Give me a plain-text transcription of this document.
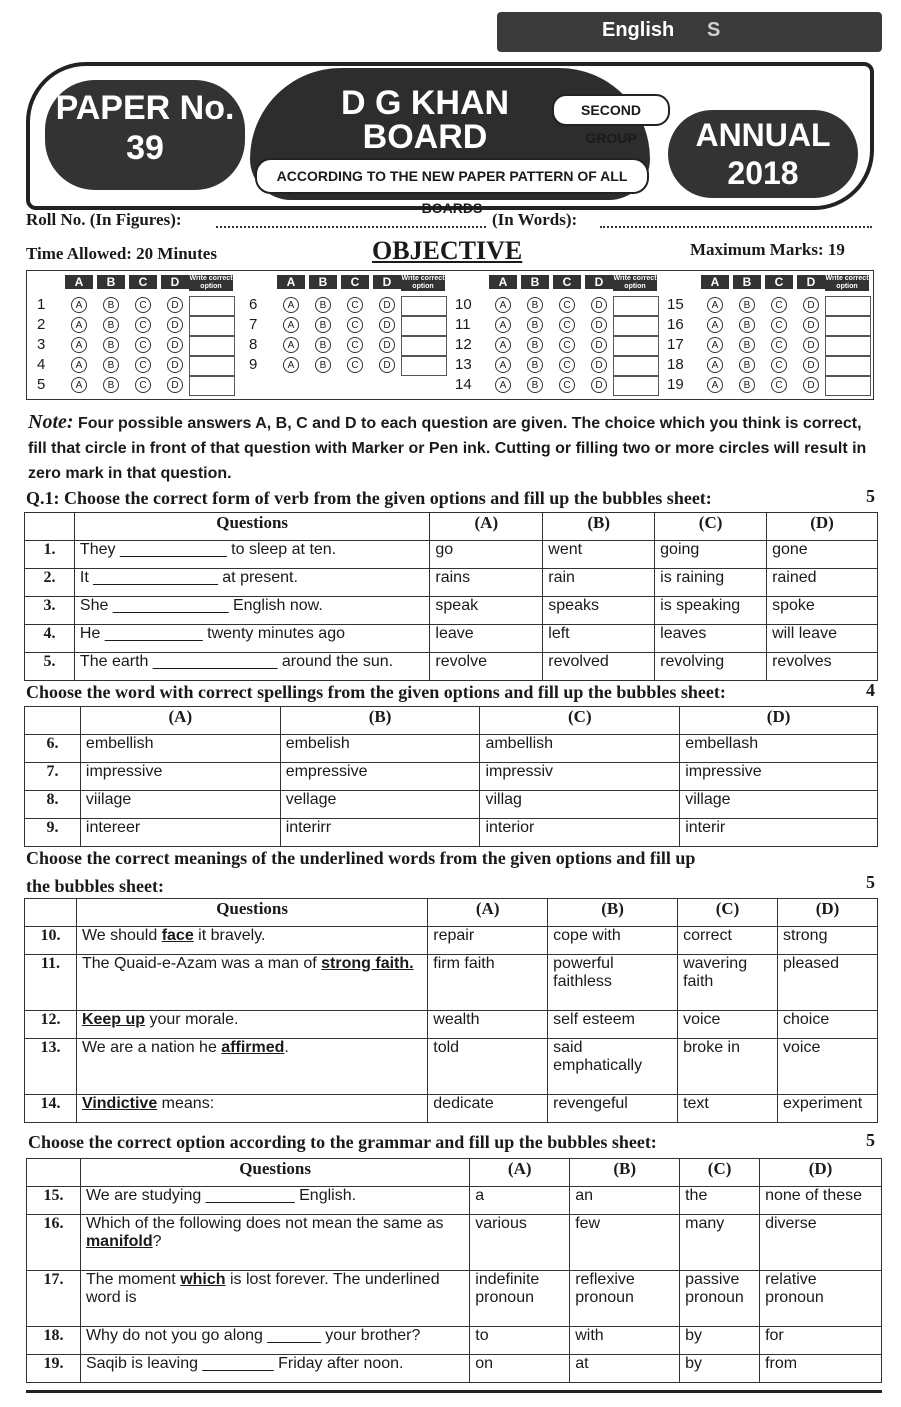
English S
PAPER No.
39
D G KHAN
BOARD
SECOND GROUP
ACCORDING TO THE NEW PAPER PATTERN OF ALL BOARDS
ANNUAL
2018
Roll No. (In Figures):	(In Words):
Time Allowed: 20 Minutes	OBJECTIVE	Maximum Marks: 19
A	B	C	D	Write correct option
1	A	B	C	D
2	A	B	C	D
3	A	B	C	D
4	A	B	C	D
5	A	B	C	D
A	B	C	D	Write correct option
6	A	B	C	D
7	A	B	C	D
8	A	B	C	D
9	A	B	C	D
A	B	C	D	Write correct option
10	A	B	C	D
11	A	B	C	D
12	A	B	C	D
13	A	B	C	D
14	A	B	C	D
A	B	C	D	Write correct option
15	A	B	C	D
16	A	B	C	D
17	A	B	C	D
18	A	B	C	D
19	A	B	C	D
Note: Four possible answers A, B, C and D to each question are given. The choice which you think is correct, fill that circle in front of that question with Marker or Pen ink. Cutting or filling two or more circles will result in zero mark in that question.
Q.1: Choose the correct form of verb from the given options and fill up the bubbles sheet:	5
	Questions	(A)	(B)	(C)	(D)
1.	They ____________ to sleep at ten.	go	went	going	gone
2.	It ______________ at present.	rains	rain	is raining	rained
3.	She _____________ English now.	speak	speaks	is speaking	spoke
4.	He ___________ twenty minutes ago	leave	left	leaves	will leave
5.	The earth ______________ around the sun.	revolve	revolved	revolving	revolves
Choose the word with correct spellings from the given options and fill up the bubbles sheet:	4
	(A)	(B)	(C)	(D)
6.	embellish	embelish	ambellish	embellash
7.	impressive	empressive	impressiv	impressive
8.	viilage	vellage	villag	village
9.	intereer	interirr	interior	interir
Choose the correct meanings of the underlined words from the given options and fill up
the bubbles sheet:	5
	Questions	(A)	(B)	(C)	(D)
10.	We should face it bravely.	repair	cope with	correct	strong
11.	The Quaid-e-Azam was a man of strong faith.	firm faith	powerful faithless	wavering faith	pleased
12.	Keep up your morale.	wealth	self esteem	voice	choice
13.	We are a nation he affirmed.	told	said emphatically	broke in	voice
14.	Vindictive means:	dedicate	revengeful	text	experiment
Choose the correct option according to the grammar and fill up the bubbles sheet:	5
	Questions	(A)	(B)	(C)	(D)
15.	We are studying __________ English.	a	an	the	none of these
16.	Which of the following does not mean the same as manifold?	various	few	many	diverse
17.	The moment which is lost forever. The underlined word is	indefinite pronoun	reflexive pronoun	passive pronoun	relative pronoun
18.	Why do not you go along ______ your brother?	to	with	by	for
19.	Saqib is leaving ________ Friday after noon.	on	at	by	from
